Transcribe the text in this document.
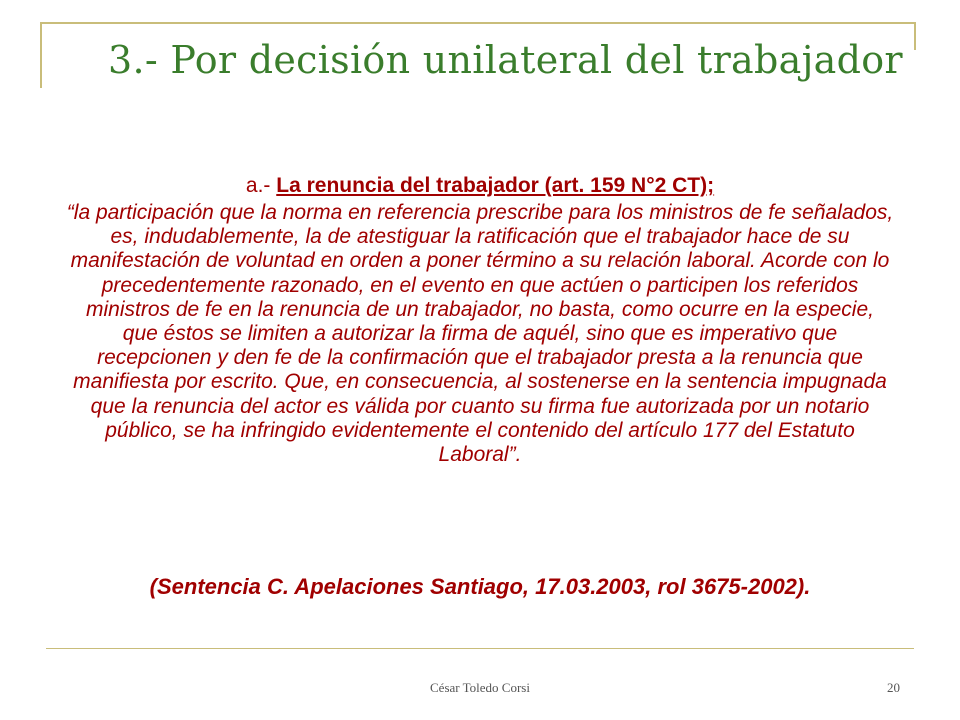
3.- Por decisión unilateral del trabajador

a.- La renuncia del trabajador (art. 159 N°2 CT);

“la participación que la norma en referencia prescribe para los ministros de fe señalados, es, indudablemente, la de atestiguar la ratificación que el trabajador hace de su manifestación de voluntad en orden a poner término a su relación laboral. Acorde con lo precedentemente razonado, en el evento en que actúen o participen los referidos ministros de fe en la renuncia de un trabajador, no basta, como ocurre en la especie, que éstos se limiten a autorizar la firma de aquél, sino que es imperativo que recepcionen y den fe de la confirmación que el trabajador presta a la renuncia que manifiesta por escrito. Que, en consecuencia, al sostenerse en la sentencia impugnada que la renuncia del actor es válida por cuanto su firma fue autorizada por un notario público, se ha infringido evidentemente el contenido del artículo 177 del Estatuto Laboral”.

(Sentencia C. Apelaciones Santiago, 17.03.2003, rol 3675-2002).

César Toledo Corsi	20
